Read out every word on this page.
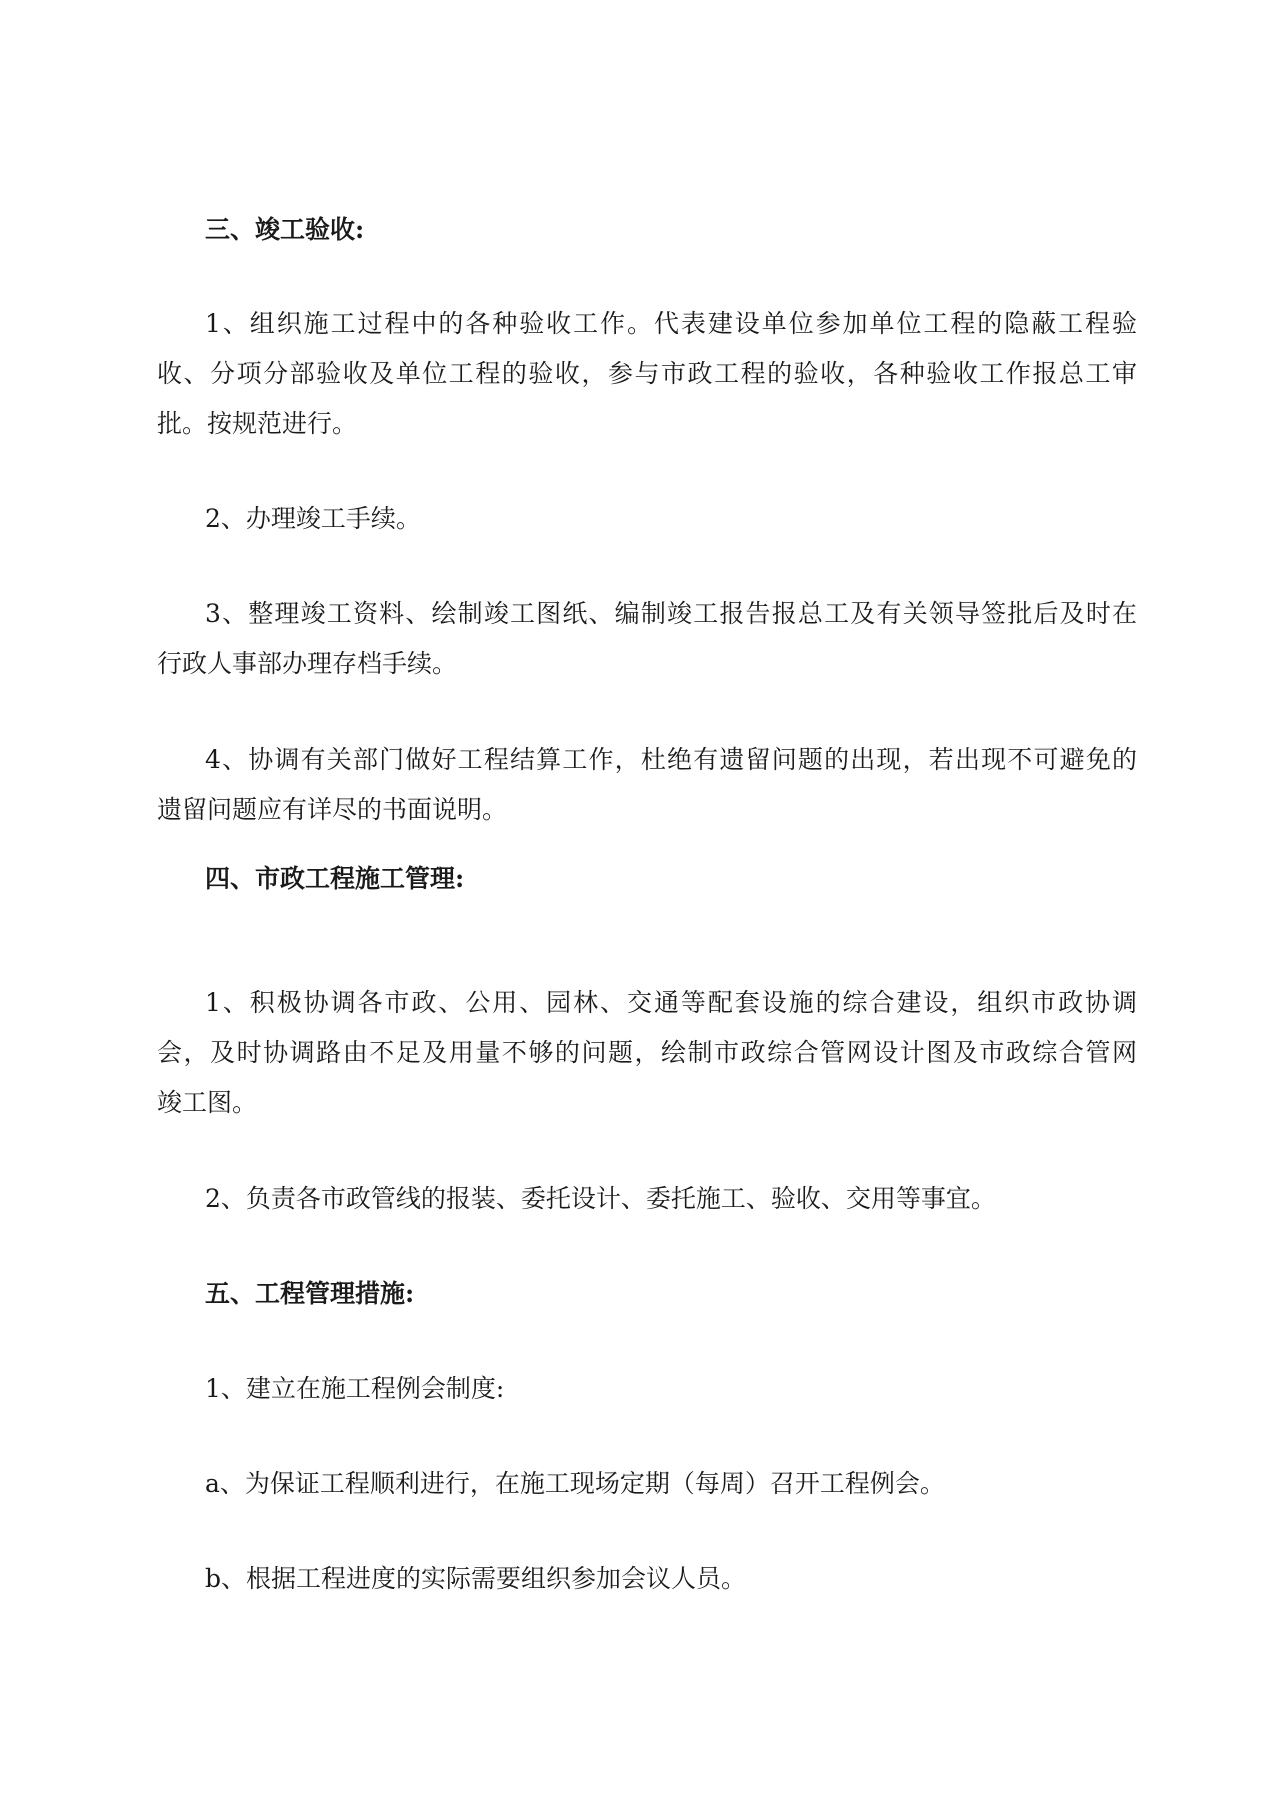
三、竣工验收:
1、组织施工过程中的各种验收工作。代表建设单位参加单位工程的隐蔽工程验
收、分项分部验收及单位工程的验收，参与市政工程的验收，各种验收工作报总工审
批。按规范进行。
2、办理竣工手续。
3、整理竣工资料、绘制竣工图纸、编制竣工报告报总工及有关领导签批后及时在
行政人事部办理存档手续。
4、协调有关部门做好工程结算工作，杜绝有遗留问题的出现，若出现不可避免的
遗留问题应有详尽的书面说明。
四、市政工程施工管理:
1、积极协调各市政、公用、园林、交通等配套设施的综合建设，组织市政协调
会，及时协调路由不足及用量不够的问题，绘制市政综合管网设计图及市政综合管网
竣工图。
2、负责各市政管线的报装、委托设计、委托施工、验收、交用等事宜。
五、工程管理措施:
1、建立在施工程例会制度:
a、为保证工程顺利进行，在施工现场定期（每周）召开工程例会。
b、根据工程进度的实际需要组织参加会议人员。
